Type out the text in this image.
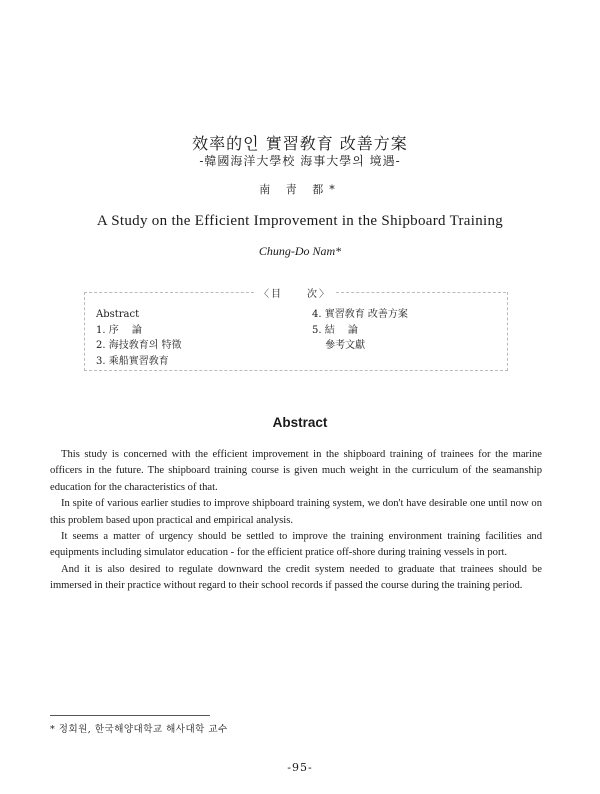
效率的인 實習敎育 改善方案
-韓國海洋大學校 海事大學의 境遇-
南 靑 都*
A Study on the Efficient Improvement in the Shipboard Training
Chung-Do Nam*
〈目　　次〉
Abstract
1. 序　 論
2. 海技敎育의 特徵
3. 乘船實習敎育
4. 實習敎育 改善方案
5. 結　 論
　 參考文獻
Abstract

This study is concerned with the efficient improvement in the shipboard training of trainees for the marine officers in the future. The shipboard training course is given much weight in the curriculum of the seamanship education for the characteristics of that.

In spite of various earlier studies to improve shipboard training system, we don't have desirable one until now on this problem based upon practical and empirical analysis.

It seems a matter of urgency should be settled to improve the training environment training facilities and equipments including simulator education - for the efficient pratice off-shore during training vessels in port.

And it is also desired to regulate downward the credit system needed to graduate that trainees should be immersed in their practice without regard to their school records if passed the course during the training period.

* 정회원, 한국해양대학교 해사대학 교수
-95-
